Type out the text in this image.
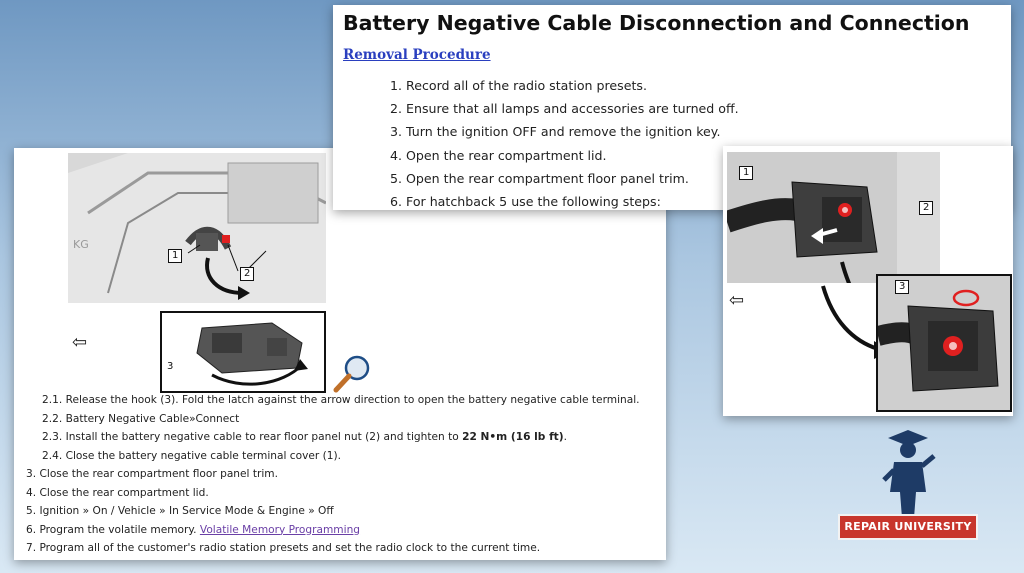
KG
1
2
3
⇦
2.1. Release the hook (3). Fold the latch against the arrow direction to open the battery negative cable terminal.
2.2. Battery Negative Cable»Connect
2.3. Install the battery negative cable to rear floor panel nut (2) and tighten to 22 N•m (16 lb ft).
2.4. Close the battery negative cable terminal cover (1).
3. Close the rear compartment floor panel trim.
4. Close the rear compartment lid.
5. Ignition » On / Vehicle » In Service Mode & Engine » Off
6. Program the volatile memory. Volatile Memory Programming
7. Program all of the customer's radio station presets and set the radio clock to the current time.
Battery Negative Cable Disconnection and Connection
Removal Procedure
1. Record all of the radio station presets.
2. Ensure that all lamps and accessories are turned off.
3. Turn the ignition OFF and remove the ignition key.
4. Open the rear compartment lid.
5. Open the rear compartment floor panel trim.
6. For hatchback 5 use the following steps:
1
2
⇦
3
REPAIR UNIVERSITY
